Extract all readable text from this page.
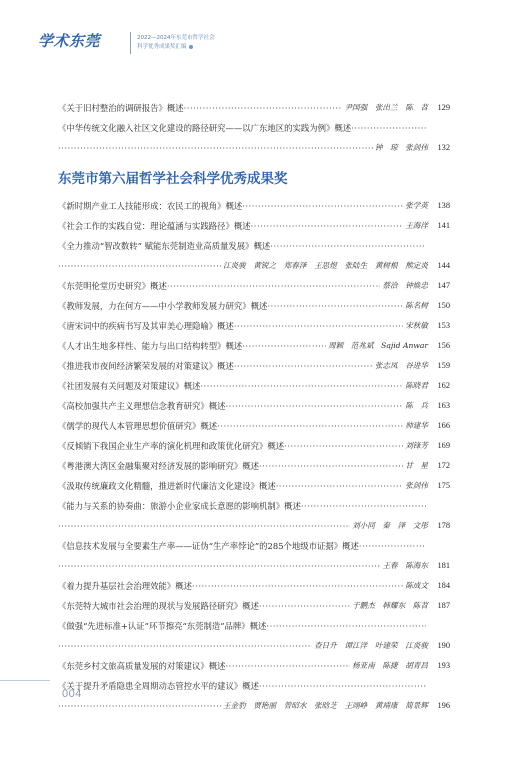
学术东莞	2022—2024年东莞市哲学社会
科学优秀成果奖汇编
《关于旧村整治的调研报告》概述 ·····	尹国强　张出兰　陈　苕	129
《中华传统文化融入社区文化建设的路径研究——以广东地区的实践为例》概述
·····
·····
钟　琼　张剑伟	132
东莞市第六届哲学社会科学优秀成果奖
《新时期产业工人技能形成：农民工的视角》概述 ·····	张学英	138
《社会工作的实践自觉：理论蕴涵与实践路径》概述 ·····	王海洋	141
《全力推动“智改数转” 赋能东莞制造业高质量发展》概述
·····
·····
江炎骏　黄锐之　郑春泽　王思煜　张陆生　黄树根　熊定炎	144
《东莞明伦堂历史研究》概述 ·····	蔡洽　钟焕忠	147
《教师发展，力在何方——中小学教师发展力研究》概述 ·····	陈名树	150
《唐宋词中的疾病书写及其审美心理隐喻》概述 ·····	宋秋敏	153
《人才出生地多样性、能力与出口结构转型》概述 ·····	周颖　范兆斌　Sajid Anwar	156
《推进我市夜间经济繁荣发展的对策建议》概述 ·····	张志凤　谷进华	159
《社团发展有关问题及对策建议》概述 ·····	陈晓君	162
《高校加强共产主义理想信念教育研究》概述 ·····	陈　兵	163
《儒学的现代人本管理思想价值研究》概述 ·····	帅建华	166
《反倾销下我国企业生产率的演化机理和政策优化研究》概述 ·····	刘锋芳	169
《粤港澳大湾区金融集聚对经济发展的影响研究》概述 ·····	甘　星	172
《汲取传统廉政文化精髓，推进新时代廉洁文化建设》概述 ·····	张剑伟	175
《能力与关系的协奏曲：旅游小企业家成长意愿的影响机制》概述
·····
·····
刘小同　秦　泽　文彤	178
《信息技术发展与全要素生产率——证伪“生产率悖论”的285个地级市证据》概述
·····
·····
王春　陈海东	181
《着力提升基层社会治理效能》概述 ·····	陈成文	184
《东莞特大城市社会治理的现状与发展路径研究》概述 ·····	于鹏杰　韩耀东　陈苕	187
《做强“先进标准+认证”环节擦亮“东莞制造”品牌》概述
·····
·····
查日升　谭江洋　叶建荣　江炎骏	190
《东莞乡村文旅高质量发展的对策建议》概述 ·····	杨亚南　陈捷　胡青昌	193
《关于提升矛盾隐患全周期动态管控水平的建议》概述
·····
·····
王金豹　贾艳丽　曾昭水　张晗芝　王翊峥　黄靖康　简景辉	196
004
